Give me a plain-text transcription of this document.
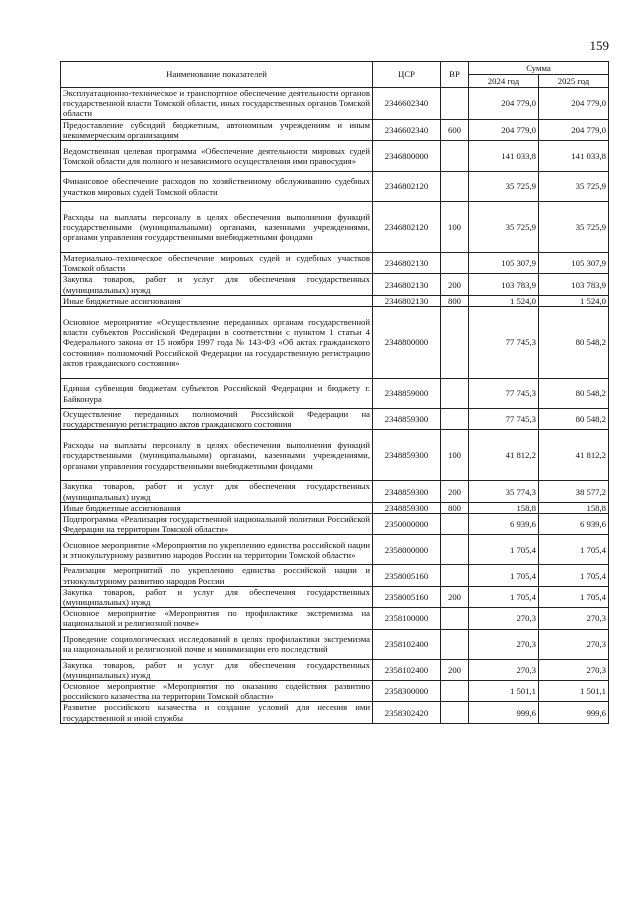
159
Наименование показателей	ЦСР	ВР	Сумма	
			2024 год	2025 год
Эксплуатационно-техническое и транспортное обеспечение деятельности органов государственной власти Томской области, иных государственных органов Томской области	2346602340		204 779,0	204 779,0
Предоставление субсидий бюджетным, автономным учреждениям и иным некоммерческим организациям	2346602340	600	204 779,0	204 779,0
Ведомственная целевая программа «Обеспечение деятельности мировых судей Томской области для полного и независимого осуществления ими правосудия»	2346800000		141 033,8	141 033,8
Финансовое обеспечение расходов по хозяйственному обслуживанию судебных участков мировых судей Томской области	2346802120		35 725,9	35 725,9
Расходы на выплаты персоналу в целях обеспечения выполнения функций государственными (муниципальными) органами, казенными учреждениями, органами управления государственными внебюджетными фондами	2346802120	100	35 725,9	35 725,9
Материально–техническое обеспечение мировых судей и судебных участков Томской области	2346802130		105 307,9	105 307,9
Закупка товаров, работ и услуг для обеспечения государственных (муниципальных) нужд	2346802130	200	103 783,9	103 783,9
Иные бюджетные ассигнования	2346802130	800	1 524,0	1 524,0
Основное мероприятие «Осуществление переданных органам государственной власти субъектов Российской Федерации в соответствии с пунктом 1 статьи 4 Федерального закона от 15 ноября 1997 года № 143-ФЗ «Об актах гражданского состояния» полномочий Российской Федерации на государственную регистрацию актов гражданского состояния»	2348800000		77 745,3	80 548,2
Единая субвенция бюджетам субъектов Российской Федерации и бюджету г. Байконура	2348859000		77 745,3	80 548,2
Осуществление переданных полномочий Российской Федерации на государственную регистрацию актов гражданского состояния	2348859300		77 745,3	80 548,2
Расходы на выплаты персоналу в целях обеспечения выполнения функций государственными (муниципальными) органами, казенными учреждениями, органами управления государственными внебюджетными фондами	2348859300	100	41 812,2	41 812,2
Закупка товаров, работ и услуг для обеспечения государственных (муниципальных) нужд	2348859300	200	35 774,3	38 577,2
Иные бюджетные ассигнования	2348859300	800	158,8	158,8
Подпрограмма «Реализация государственной национальной политики Российской Федерации на территории Томской области»	2350000000		6 939,6	6 939,6
Основное мероприятие «Мероприятия по укреплению единства российской нации и этнокультурному развитию народов России на территории Томской области»	2358000000		1 705,4	1 705,4
Реализация мероприятий по укреплению единства российской нации и этнокультурному развитию народов России	2358005160		1 705,4	1 705,4
Закупка товаров, работ и услуг для обеспечения государственных (муниципальных) нужд	2358005160	200	1 705,4	1 705,4
Основное мероприятие «Мероприятия по профилактике экстремизма на национальной и религиозной почве»	2358100000		270,3	270,3
Проведение социологических исследований в целях профилактики экстремизма на национальной и религиозной почве и минимизации его последствий	2358102400		270,3	270,3
Закупка товаров, работ и услуг для обеспечения государственных (муниципальных) нужд	2358102400	200	270,3	270,3
Основное мероприятие «Мероприятия по оказанию содействия развитию российского казачества на территории Томской области»	2358300000		1 501,1	1 501,1
Развитие российского казачества и создание условий для несения ими государственной и иной службы	2358302420		999,6	999,6
